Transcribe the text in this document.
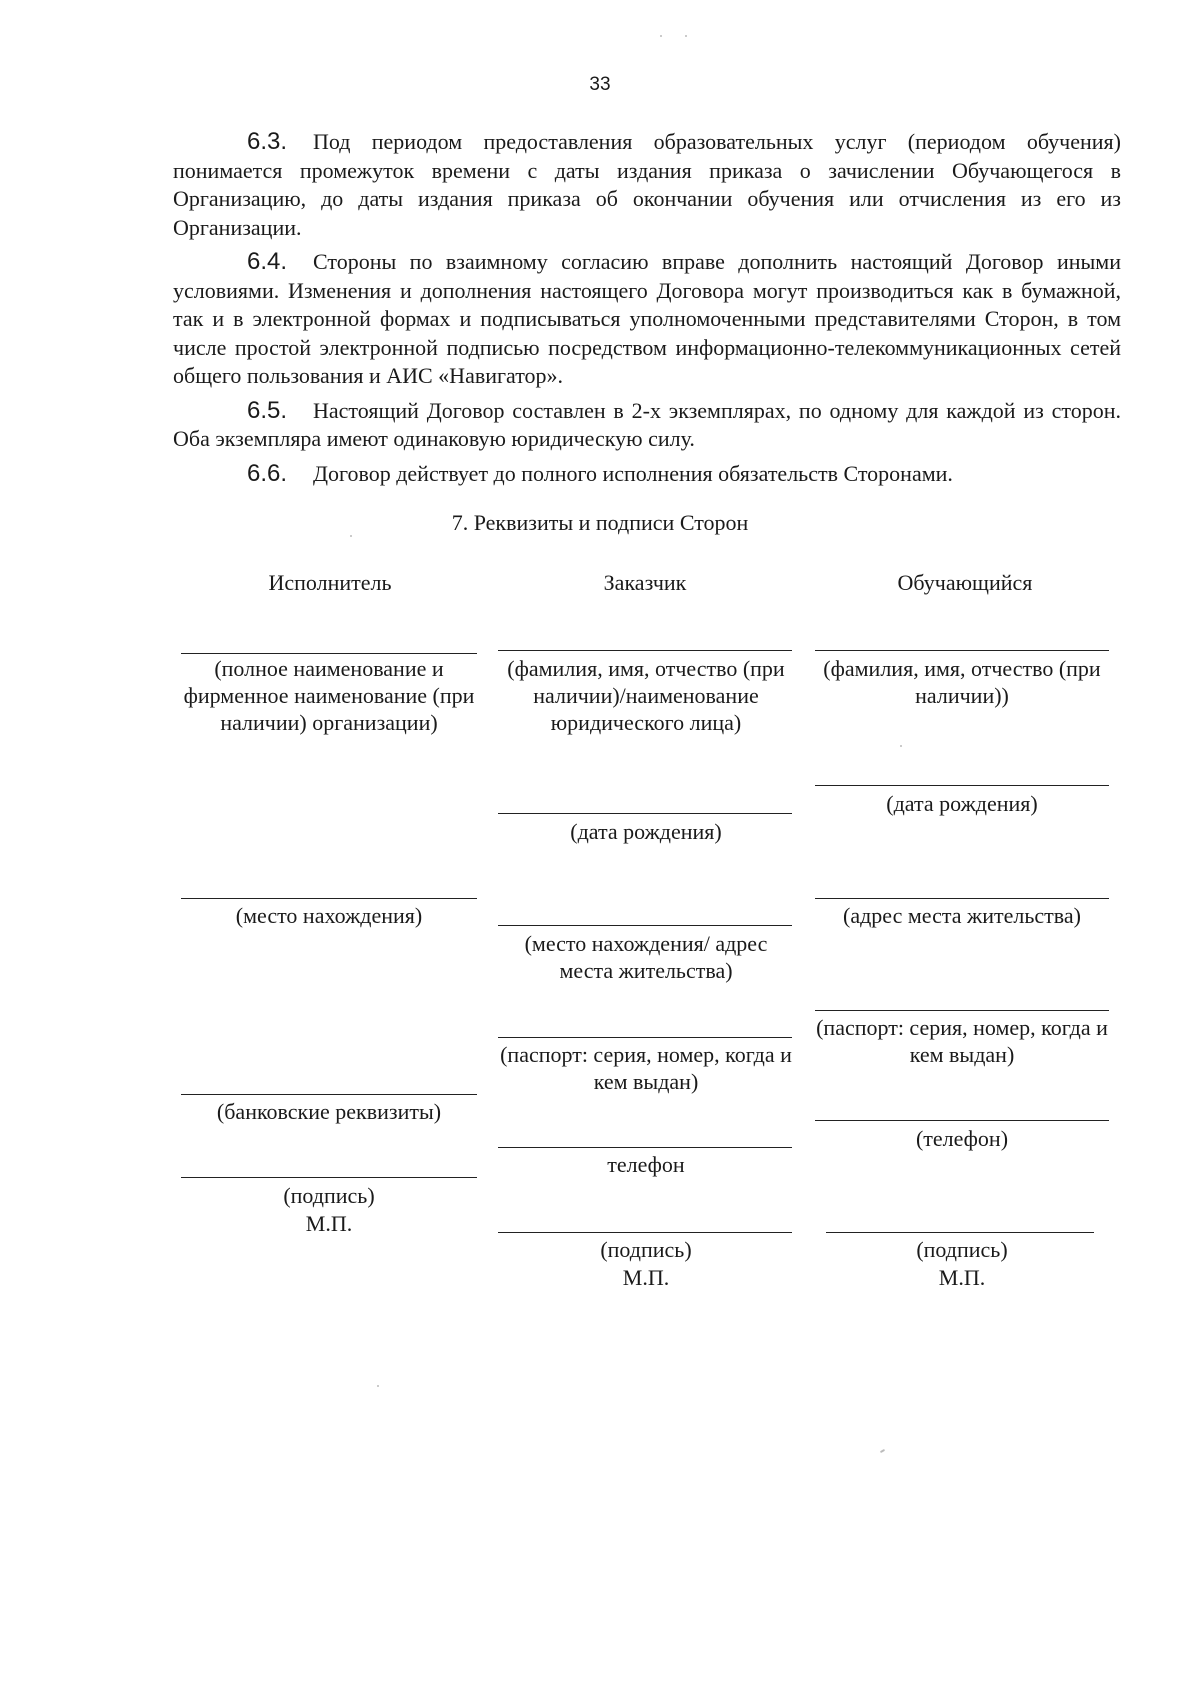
33

6.3. Под периодом предоставления образовательных услуг (периодом обучения) понимается промежуток времени с даты издания приказа о зачислении Обучающегося в Организацию, до даты издания приказа об окончании обучения или отчисления из его из Организации.

6.4. Стороны по взаимному согласию вправе дополнить настоящий Договор иными условиями. Изменения и дополнения настоящего Договора могут производиться как в бумажной, так и в электронной формах и подписываться уполномоченными представителями Сторон, в том числе простой электронной подписью посредством информационно-телекоммуникационных сетей общего пользования и АИС «Навигатор».

6.5. Настоящий Договор составлен в 2-х экземплярах, по одному для каждой из сторон. Оба экземпляра имеют одинаковую юридическую силу.

6.6. Договор действует до полного исполнения обязательств Сторонами.

7. Реквизиты и подписи Сторон
Исполнитель
(полное наименование и фирменное наименование (при наличии) организации)
(место нахождения)
(банковские реквизиты)
(подпись)
М.П.
Заказчик
(фамилия, имя, отчество (при наличии)/наименование юридического лица)
(дата рождения)
(место нахождения/ адрес места жительства)
(паспорт: серия, номер, когда и кем выдан)
телефон
(подпись)
М.П.
Обучающийся
(фамилия, имя, отчество (при наличии))
(дата рождения)
(адрес места жительства)
(паспорт: серия, номер, когда и кем выдан)
(телефон)
(подпись)
М.П.
